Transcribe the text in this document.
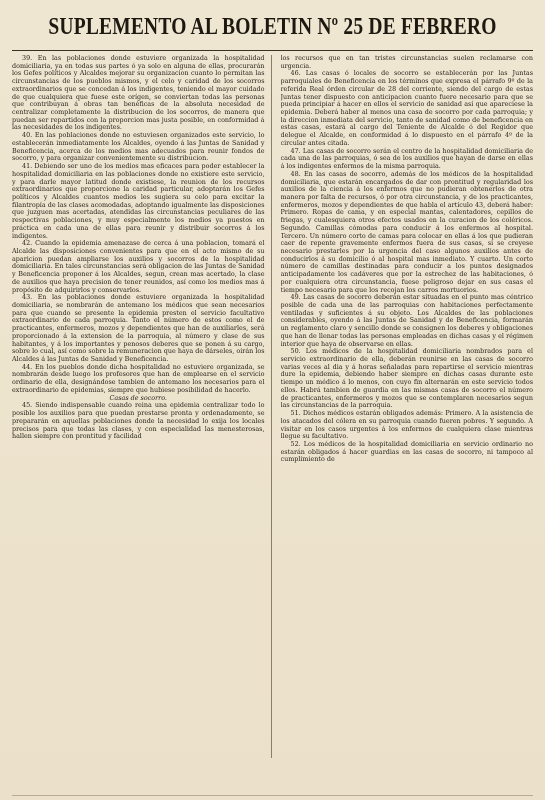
SUPLEMENTO AL BOLETIN Nº 25 DE FEBRERO

39. En las poblaciones donde estuviere organizada la hospitalidad domiciliaria, ya en todas sus partes ó ya solo en alguna de ellas, procurarán los Gefes políticos y Alcaldes mejorar su organizacion cuanto lo permitan las circunstancias de los pueblos mismos, y el celo y caridad de los socorros extraordinarios que se concedan á los indigentes, teniendo el mayor cuidado de que cualquiera que fuese este orígen, se conviertan todas las personas que contribuyan á obras tan benéficas de la absoluta necesidad de centralizar completamente la distribucion de los socorros, de manera que puedan ser repartidos con la proporcion mas justa posible, en conformidad á las necesidades de los indigentes.

40. En las poblaciones donde no estuviesen organizados este servicio, lo establecerán inmediatamente los Alcaldes, oyendo á las Juntas de Sanidad y Beneficencia, acerca de los medios mas adecuados para reunir fondos de socorro, y para organizar convenientemente su distribucion.

41. Debiendo ser uno de los medios mas eficaces para poder establecer la hospitalidad domiciliaria en las poblaciones donde no existiere este servicio, y para darle mayor latitud donde existiese, la reunion de los recursos extraordinarios que proporcione la caridad particular, adoptarán los Gefes políticos y Alcaldes cuantos medios les sugiera su celo para excitar la filantropía de las clases acomodadas, adoptando igualmente las disposiciones que juzguen mas acertadas, atendidas las circunstancias peculiares de las respectivas poblaciones, y muy especialmente los medios ya puestos en práctica en cada una de ellas para reunir y distribuir socorros á los indigentes.

42. Cuando la epidemia amenazase de cerca á una poblacion, tomará el Alcalde las disposiciones convenientes para que en el acto mismo de su aparicion puedan ampliarse los auxilios y socorros de la hospitalidad domiciliaria. En tales circunstancias será obligacion de las Juntas de Sanidad y Beneficencia proponer á los Alcaldes, segun, crean mas acertado, la clase de auxilios que haya precision de tener reunidos, así como los medios mas á propósito de adquirirlos y conservarlos.

43. En las poblaciones donde estuviere organizada la hospitalidad domiciliaria, se nombrarán de antemano los médicos que sean necesarios para que cuando se presente la epidemia presten el servicio facultativo extraordinario de cada parroquia. Tanto el número de estos como el de practicantes, enfermeros, mozos y dependientes que han de auxiliarles, será proporcionado á la extension de la parroquia, al número y clase de sus habitantes, y á los importantes y penosos deberes que se ponen á su cargo, sobre lo cual, así como sobre la remuneracion que haya de dárseles, oirán los Alcaldes á las Juntas de Sanidad y Beneficencia.

44. En los pueblos donde dicha hospitalidad no estuviere organizada, se nombrarán desde luego los profesores que han de emplearse en el servicio ordinario de ella, designándose tambien de antemano los necesarios para el extraordinario de epidemias, siempre que hubiese posibilidad de hacerlo.

Casas de socorro.

45. Siendo indispensable cuando reina una epidemia centralizar todo lo posible los auxilios para que puedan prestarse pronta y ordenadamente, se prepararán en aquellas poblaciones donde la necesidad lo exija los locales precisos para que todas las clases, y con especialidad las menesterosas, hallen siempre con prontitud y facilidad

los recursos que en tan tristes circunstancias suelen reclamarse con urgencia.

46. Las casas ó locales de socorro se establecerán por las Juntas parroquiales de Beneficencia en los términos que expresa el párrafo 9º de la referida Real órden circular de 28 del corriente, siendo del cargo de estas Juntas tener dispuesto con anticipacion cuanto fuere necesario para que se pueda principiar á hacer en ellos el servicio de sanidad así que apareciese la epidemia. Deberá haber al menos una casa de socorro por cada parroquia; y la direccion inmediata del servicio, tanto de sanidad como de beneficencia en estas casas, estará al cargo del Teniente de Alcalde ó del Regidor que delegue el Alcalde, en conformidad á lo dispuesto en el párrafo 4º de la circular antes citada.

47. Las casas de socorro serán el centro de la hospitalidad domiciliaria de cada una de las parroquias, ó sea de los auxilios que hayan de darse en ellas á los indigentes enfermos de la misma parroquia.

48. En las casas de socorro, además de los médicos de la hospitalidad domiciliaria, que estarán encargados de dar con prontitud y regularidad los auxilios de la ciencia á los enfermos que no pudieran obtenerlos de otra manera por falta de recursos, ó por otra circunstancia, y de los practicantes, enfermeros, mozos y dependientes de que habla el artículo 43, deberá haber: Primero. Ropas de cama, y en especial mantas, calentadores, cepillos de friegas, y cualesquiera otros efectos usados en la curacion de los coléricos. Segundo. Camillas cómodas para conducir á los enfermos al hospital. Tercero. Un número corto de camas para colocar en ellas á los que pudieran caer de repente gravemente enfermos fuera de sus casas, si se creyese necesario prestarles por la urgencia del caso algunos auxilios antes de conducirlos á su domicilio ó al hospital mas inmediato. Y cuarto. Un corto número de camillas destinadas para conducir a los puntos designados anticipadamente los cadáveres que por la estrechez de las habitaciones, ó por cualquiera otra circunstancia, fuese peligroso dejar en sus casas el tiempo necesario para que los recojan los carros mortuorios.

49. Las casas de socorro deberán estar situadas en el punto mas céntrico posible de cada una de las parroquias con habitaciones perfectamente ventiladas y suficientes á su objeto. Los Alcaldes de las poblaciones considerables, oyendo á las Juntas de Sanidad y de Beneficencia, formarán un reglamento claro y sencillo donde se consignen los deberes y obligaciones que han de llenar todas las personas empleadas en dichas casas y el régimen interior que haya de observarse en ellas.

50. Los médicos de la hospitalidad domiciliaria nombrados para el servicio extraordinario de ella, deberán reunirse en las casas de socorro varias veces al dia y á horas señaladas para repartirse el servicio mientras dure la epidemia, debiendo haber siempre en dichas casas durante este tiempo un médico á lo menos, con cuyo fin alternarán en este servicio todos ellos. Habrá tambien de guardia en las mismas casas de socorro el número de practicantes, enfermeros y mozos que se contemplaren necesarios segun las circunstancias de la parroquia.

51. Dichos médicos estarán obligados además: Primero. A la asistencia de los atacados del cólera en su parroquia cuando fueren pobres. Y segundo. A visitar en los casos urgentes á los enfermos de cualquiera clase mientras llegue su facultativo.

52. Los médicos de la hospitalidad domiciliaria en servicio ordinario no estarán obligados á hacer guardias en las casas de socorro, ni tampoco al cumplimiento de
